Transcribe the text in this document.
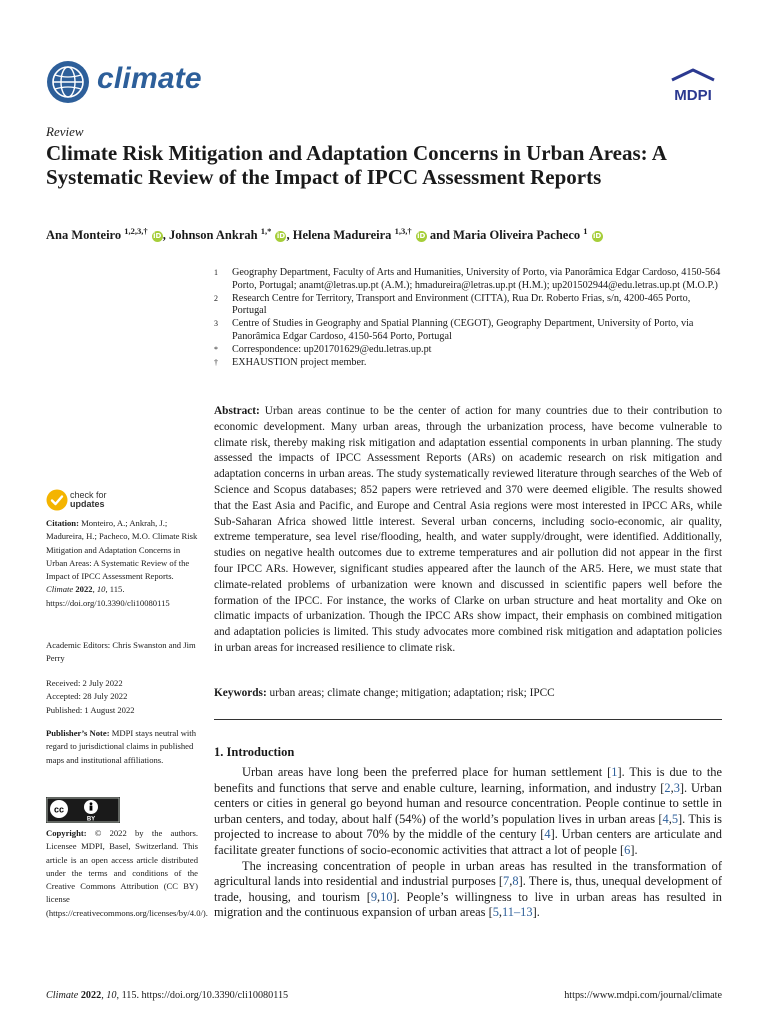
climate
MDPI
Review
Climate Risk Mitigation and Adaptation Concerns in Urban Areas: A Systematic Review of the Impact of IPCC Assessment Reports
Ana Monteiro $^{1,2,3,\dagger}$ iD, Johnson Ankrah $^{1,*}$ iD, Helena Madureira $^{1,3,\dagger}$ iD and Maria Oliveira Pacheco $^1$ iD
1	Geography Department, Faculty of Arts and Humanities, University of Porto, via Panorâmica Edgar Cardoso, 4150-564 Porto, Portugal; anamt@letras.up.pt (A.M.); hmadureira@letras.up.pt (H.M.); up201502944@edu.letras.up.pt (M.O.P.)
2	Research Centre for Territory, Transport and Environment (CITTA), Rua Dr. Roberto Frias, s/n, 4200-465 Porto, Portugal
3	Centre of Studies in Geography and Spatial Planning (CEGOT), Geography Department, University of Porto, via Panorâmica Edgar Cardoso, 4150-564 Porto, Portugal
*	Correspondence: up201701629@edu.letras.up.pt
†	EXHAUSTION project member.

Abstract: Urban areas continue to be the center of action for many countries due to their contribution to economic development. Many urban areas, through the urbanization process, have become vulnerable to climate risk, thereby making risk mitigation and adaptation essential components in urban planning. The study assessed the impacts of IPCC Assessment Reports (ARs) on academic research on risk mitigation and adaptation concerns in urban areas. The study systematically reviewed literature through searches of the Web of Science and Scopus databases; 852 papers were retrieved and 370 were deemed eligible. The results showed that the East Asia and Pacific, and Europe and Central Asia regions were most interested in IPCC ARs, while Sub-Saharan Africa showed little interest. Several urban concerns, including socio-economic, air quality, extreme temperature, sea level rise/flooding, health, and water supply/drought, were identified. Additionally, studies on negative health outcomes due to extreme temperatures and air pollution did not appear in the first four IPCC ARs. However, significant studies appeared after the launch of the AR5. Here, we must state that climate-related problems of urbanization were known and discussed in scientific papers well before the formation of the IPCC. For instance, the works of Clarke on urban structure and heat mortality and Oke on climatic impacts of urbanization. Though the IPCC ARs show impact, their emphasis on combined mitigation and adaptation policies is limited. This study advocates more combined risk mitigation and adaptation policies in urban areas for increased resilience to climate risk.

Keywords: urban areas; climate change; mitigation; adaptation; risk; IPCC

1. Introduction

Urban areas have long been the preferred place for human settlement [1]. This is due to the benefits and functions that serve and enable culture, learning, information, and industry [2,3]. Urban centers or cities in general go beyond human and resource concentration. People continue to settle in urban centers, and today, about half (54%) of the world’s population lives in urban areas [4,5]. This is projected to increase to about 70% by the middle of the century [4]. Urban centers are articulate and facilitate greater functions of socio-economic activities that attract a lot of people [6].

The increasing concentration of people in urban areas has resulted in the transformation of agricultural lands into residential and industrial purposes [7,8]. There is, thus, unequal development of trade, housing, and tourism [9,10]. People’s willingness to live in urban areas has resulted in migration and the continuous expansion of urban areas [5,11–13].

check for
updates
Citation: Monteiro, A.; Ankrah, J.; Madureira, H.; Pacheco, M.O. Climate Risk Mitigation and Adaptation Concerns in Urban Areas: A Systematic Review of the Impact of IPCC Assessment Reports. Climate 2022, 10, 115. https://doi.org/10.3390/cli10080115
Academic Editors: Chris Swanston and Jim Perry
Received: 2 July 2022
Accepted: 28 July 2022
Published: 1 August 2022
Publisher’s Note: MDPI stays neutral with regard to jurisdictional claims in published maps and institutional affiliations.
cc
BY
Copyright: © 2022 by the authors. Licensee MDPI, Basel, Switzerland. This article is an open access article distributed under the terms and conditions of the Creative Commons Attribution (CC BY) license (https://creativecommons.org/licenses/by/4.0/).
Climate 2022, 10, 115. https://doi.org/10.3390/cli10080115	https://www.mdpi.com/journal/climate
